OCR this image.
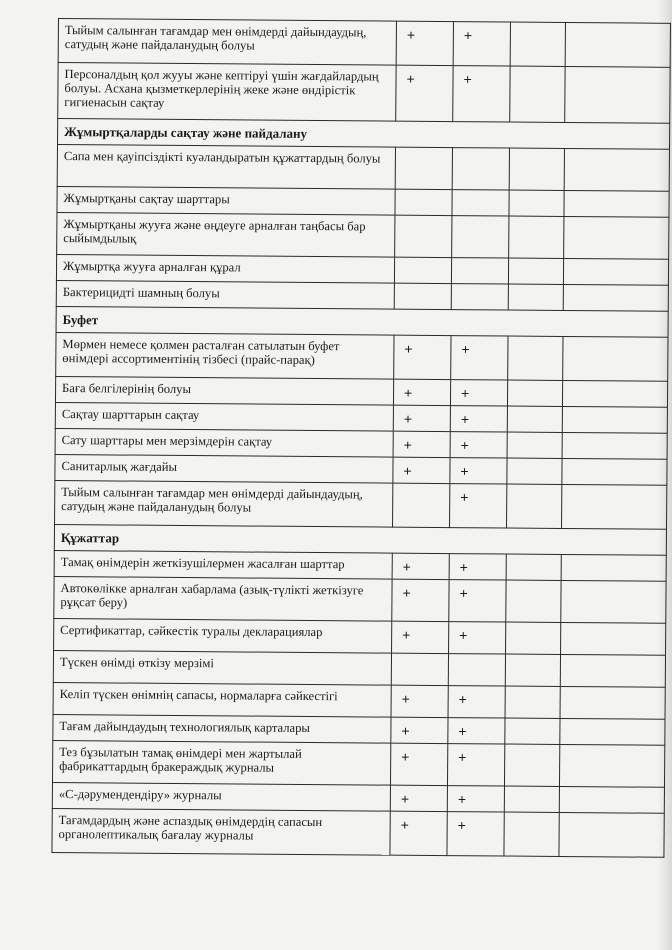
Тыйым салынған тағамдар мен өнімдерді дайындаудың, сатудың және пайдаланудың болуы	+	+		
Персоналдың қол жуyы және кептіруі үшін жағдайлардың болуы. Асхана қызметкерлерінің жеке және өндірістік гигиенасын сақтау	+	+		
Жұмыртқаларды сақтау және пайдалану				
Сапа мен қауіпсіздікті куәландыратын құжаттардың болуы				
Жұмыртқаны сақтау шарттары				
Жұмыртқаны жууға және өңдеуге арналған таңбасы бар сыйымдылық				
Жұмыртқа жууға арналған құрал				
Бактерицидті шамның болуы				
Буфет				
Мөрмен немесе қолмен расталған сатылатын буфет өнімдері ассортиментінің тізбесі (прайс-парақ)	+	+		
Баға белгілерінің болуы	+	+		
Сақтау шарттарын сақтау	+	+		
Сату шарттары мен мерзімдерін сақтау	+	+		
Санитарлық жағдайы	+	+		
Тыйым салынған тағамдар мен өнімдерді дайындаудың, сатудың және пайдаланудың болуы		+		
Құжаттар				
Тамақ өнімдерін жеткізушілермен жасалған шарттар	+	+		
Автокөлікке арналған хабарлама (азық-түлікті жеткізуге рұқсат беру)	+	+		
Сертификаттар, сәйкестік туралы декларациялар	+	+		
Түскен өнімді өткізу мерзімі				
Келіп түскен өнімнің сапасы, нормаларға сәйкестігі	+	+		
Тағам дайындаудың технологиялық карталары	+	+		
Тез бұзылатын тамақ өнімдері мен жартылай фабрикаттардың бракераждық журналы	+	+		
«С-дәрумендендіру» журналы	+	+		
Тағамдардың және аспаздық өнімдердің сапасын органолептикалық бағалау журналы	+	+		
